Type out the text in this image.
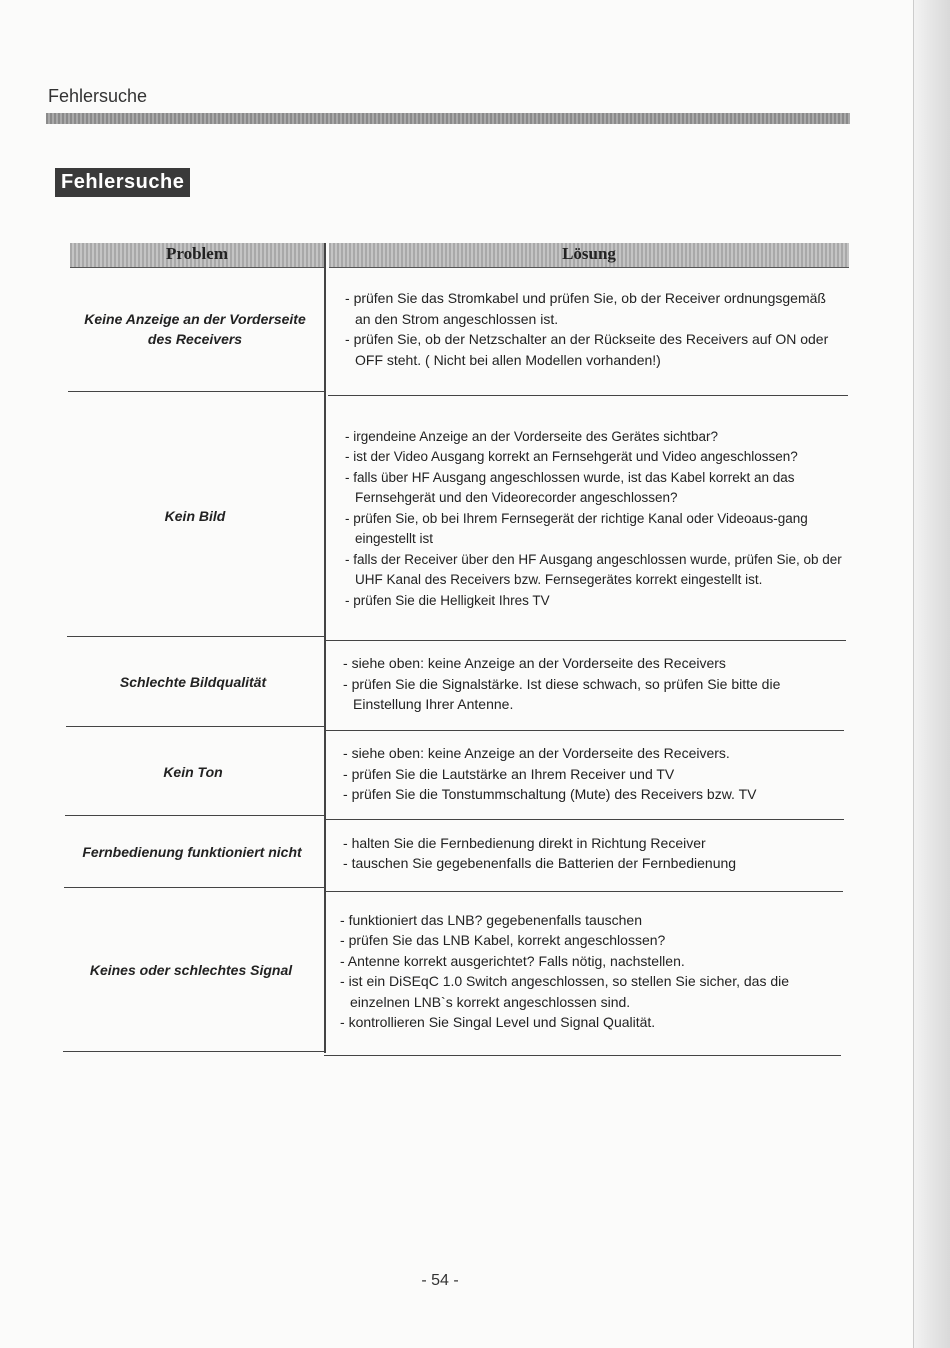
Fehlersuche
Fehlersuche
Problem	Lösung
Keine Anzeige an der Vorderseite des Receivers
- prüfen Sie das Stromkabel und prüfen Sie, ob der Receiver ordnungsgemäß an den Strom angeschlossen ist.
- prüfen Sie, ob der Netzschalter an der Rückseite des Receivers auf ON oder OFF steht. ( Nicht bei allen Modellen vorhanden!)
Kein Bild
- irgendeine Anzeige an der Vorderseite des Gerätes sichtbar?
- ist der Video Ausgang korrekt an Fernsehgerät und Video angeschlossen?
- falls über HF Ausgang angeschlossen wurde, ist das Kabel korrekt an das Fernsehgerät und den Videorecorder angeschlossen?
- prüfen Sie, ob bei Ihrem Fernsegerät der richtige Kanal oder Videoaus-gang eingestellt ist
- falls der Receiver über den HF Ausgang angeschlossen wurde, prüfen Sie, ob der UHF Kanal des Receivers bzw. Fernsegerätes korrekt eingestellt ist.
- prüfen Sie die Helligkeit Ihres TV
Schlechte Bildqualität
- siehe oben: keine Anzeige an der Vorderseite des Receivers
- prüfen Sie die Signalstärke. Ist diese schwach, so prüfen Sie bitte die Einstellung Ihrer Antenne.
Kein Ton
- siehe oben: keine Anzeige an der Vorderseite des Receivers.
- prüfen Sie die Lautstärke an Ihrem Receiver und TV
- prüfen Sie die Tonstummschaltung (Mute) des Receivers bzw. TV
Fernbedienung funktioniert nicht
- halten Sie die Fernbedienung direkt in Richtung Receiver
- tauschen Sie gegebenenfalls die Batterien der Fernbedienung
Keines oder schlechtes Signal
- funktioniert das LNB? gegebenenfalls tauschen
- prüfen Sie das LNB Kabel, korrekt angeschlossen?
- Antenne korrekt ausgerichtet? Falls nötig, nachstellen.
- ist ein DiSEqC 1.0 Switch angeschlossen, so stellen Sie sicher, das die einzelnen LNB`s korrekt angeschlossen sind.
- kontrollieren Sie Singal Level und Signal Qualität.
- 54 -
